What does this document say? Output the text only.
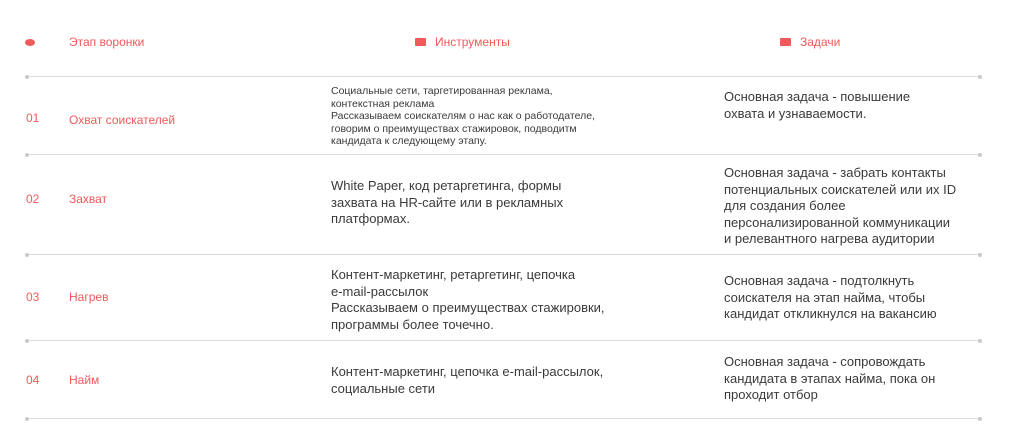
Этап воронки	Инструменты	Задачи
01 Охват соискателей
Социальные сети, таргетированная реклама,
контекстная реклама
Рассказываем соискателям о нас как о работодателе,
говорим о преимуществах стажировок, подводитм
кандидата к следующему этапу.
Основная задача - повышение
охвата и узнаваемости.
02 Захват
White Paper, код ретаргетинга, формы
захвата на HR-сайте или в рекламных
платформах.
Основная задача - забрать контакты
потенциальных соискателей или их ID
для создания более
персонализированной коммуникации
и релевантного нагрева аудитории
03 Нагрев
Контент-маркетинг, ретаргетинг, цепочка
e-mail-рассылок
Рассказываем о преимуществах стажировки,
программы более точечно.
Основная задача - подтолкнуть
соискателя на этап найма, чтобы
кандидат откликнулся на вакансию
04 Найм
Контент-маркетинг, цепочка e-mail-рассылок,
социальные сети
Основная задача - сопровождать
кандидата в этапах найма, пока он
проходит отбор
